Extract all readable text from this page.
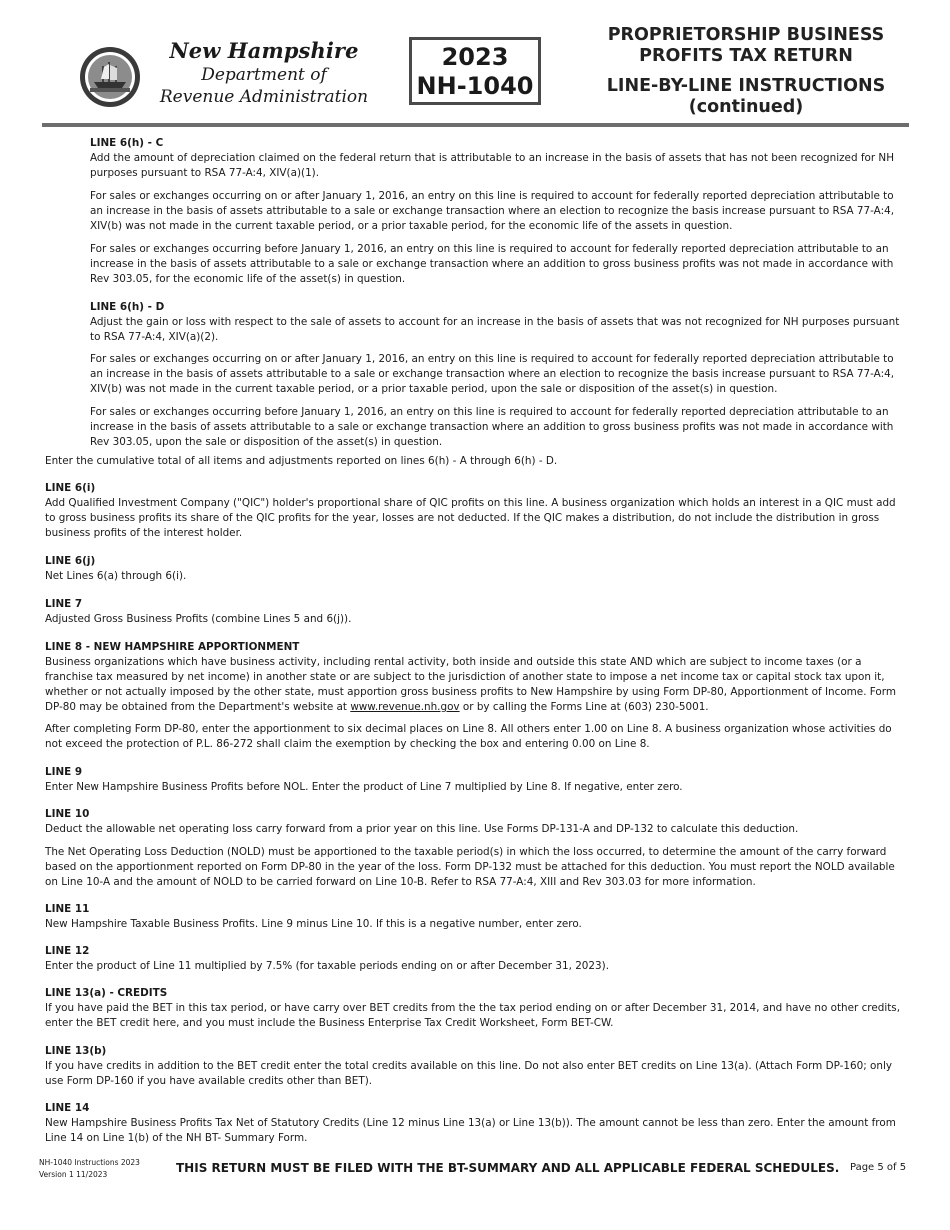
New Hampshire
Department of
Revenue Administration
2023
NH-1040
PROPRIETORSHIP BUSINESS
PROFITS TAX RETURN
LINE-BY-LINE INSTRUCTIONS
(continued)

LINE 6(h) - C

Add the amount of depreciation claimed on the federal return that is attributable to an increase in the basis of assets that has not been recognized for NH purposes pursuant to RSA 77-A:4, XIV(a)(1).

For sales or exchanges occurring on or after January 1, 2016, an entry on this line is required to account for federally reported depreciation attributable to an increase in the basis of assets attributable to a sale or exchange transaction where an election to recognize the basis increase pursuant to RSA 77-A:4, XIV(b) was not made in the current taxable period, or a prior taxable period, for the economic life of the assets in question.
For sales or exchanges occurring before January 1, 2016, an entry on this line is required to account for federally reported depreciation attributable to an increase in the basis of assets attributable to a sale or exchange transaction where an addition to gross business profits was not made in accordance with Rev 303.05, for the economic life of the asset(s) in question.

LINE 6(h) - D

Adjust the gain or loss with respect to the sale of assets to account for an increase in the basis of assets that was not recognized for NH purposes pursuant to RSA 77-A:4, XIV(a)(2).

For sales or exchanges occurring on or after January 1, 2016, an entry on this line is required to account for federally reported depreciation attributable to an increase in the basis of assets attributable to a sale or exchange transaction where an election to recognize the basis increase pursuant to RSA 77-A:4, XIV(b) was not made in the current taxable period, or a prior taxable period, upon the sale or disposition of the asset(s) in question.
For sales or exchanges occurring before January 1, 2016, an entry on this line is required to account for federally reported depreciation attributable to an increase in the basis of assets attributable to a sale or exchange transaction where an addition to gross business profits was not made in accordance with Rev 303.05, upon the sale or disposition of the asset(s) in question.
Enter the cumulative total of all items and adjustments reported on lines 6(h) - A through 6(h) - D.

LINE 6(i)

Add Qualified Investment Company ("QIC") holder's proportional share of QIC profits on this line. A business organization which holds an interest in a QIC must add to gross business profits its share of the QIC profits for the year, losses are not deducted. If the QIC makes a distribution, do not include the distribution in gross business profits of the interest holder.

LINE 6(j)

Net Lines 6(a) through 6(i).

LINE 7

Adjusted Gross Business Profits (combine Lines 5 and 6(j)).

LINE 8 - NEW HAMPSHIRE APPORTIONMENT

Business organizations which have business activity, including rental activity, both inside and outside this state AND which are subject to income taxes (or a franchise tax measured by net income) in another state or are subject to the jurisdiction of another state to impose a net income tax or capital stock tax upon it, whether or not actually imposed by the other state, must apportion gross business profits to New Hampshire by using Form DP-80, Apportionment of Income. Form DP-80 may be obtained from the Department's website at www.revenue.nh.gov or by calling the Forms Line at (603) 230-5001.

After completing Form DP-80, enter the apportionment to six decimal places on Line 8. All others enter 1.00 on Line 8. A business organization whose activities do not exceed the protection of P.L. 86-272 shall claim the exemption by checking the box and entering 0.00 on Line 8.

LINE 9

Enter New Hampshire Business Profits before NOL. Enter the product of Line 7 multiplied by Line 8. If negative, enter zero.

LINE 10

Deduct the allowable net operating loss carry forward from a prior year on this line. Use Forms DP-131-A and DP-132 to calculate this deduction.

The Net Operating Loss Deduction (NOLD) must be apportioned to the taxable period(s) in which the loss occurred, to determine the amount of the carry forward based on the apportionment reported on Form DP-80 in the year of the loss. Form DP-132 must be attached for this deduction. You must report the NOLD available on Line 10-A and the amount of NOLD to be carried forward on Line 10-B. Refer to RSA 77-A:4, XIII and Rev 303.03 for more information.

LINE 11

New Hampshire Taxable Business Profits. Line 9 minus Line 10. If this is a negative number, enter zero.

LINE 12

Enter the product of Line 11 multiplied by 7.5% (for taxable periods ending on or after December 31, 2023).

LINE 13(a) - CREDITS

If you have paid the BET in this tax period, or have carry over BET credits from the the tax period ending on or after December 31, 2014, and have no other credits, enter the BET credit here, and you must include the Business Enterprise Tax Credit Worksheet, Form BET-CW.

LINE 13(b)

If you have credits in addition to the BET credit enter the total credits available on this line. Do not also enter BET credits on Line 13(a). (Attach Form DP-160; only use Form DP-160 if you have available credits other than BET).

LINE 14

New Hampshire Business Profits Tax Net of Statutory Credits (Line 12 minus Line 13(a) or Line 13(b)). The amount cannot be less than zero. Enter the amount from Line 14 on Line 1(b) of the NH BT- Summary Form.

NH-1040 Instructions 2023
Version 1 11/2023	THIS RETURN MUST BE FILED WITH THE BT-SUMMARY AND ALL APPLICABLE FEDERAL SCHEDULES. Page 5 of 5
